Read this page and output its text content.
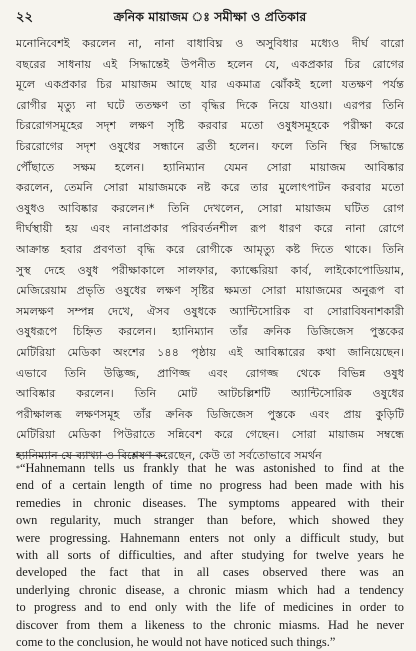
২২	ক্রনিক মায়াজম ঃ সমীক্ষা ও প্রতিকার
মনোনিবেশই করলেন না, নানা বাধাবিঘ্ন ও অসুবিধার মধ্যেও দীর্ঘ বারো
বছরের সাধনায় এই সিদ্ধান্তেই উপনীত হলেন যে, একপ্রকার চির রোগের
মূলে একপ্রকার চির মায়াজম আছে যার একমাত্র ঝোঁকই হলো যতক্ষণ পর্যন্ত
রোগীর মৃত্যু না ঘটে ততক্ষণ তা বৃদ্ধির দিকে নিয়ে যাওয়া। এরপর তিনি
চিররোগসমূহের সদৃশ লক্ষণ সৃষ্টি করবার মতো ওষুধসমূহকে পরীক্ষা করে
চিররোগের সদৃশ ওষুধের সন্ধানে ব্রতী হলেন। ফলে তিনি স্থির সিদ্ধান্তে
পৌঁছাতে সক্ষম হলেন। হ্যানিম্যান যেমন সোরা মায়াজম আবিষ্কার
করলেন, তেমনি সোরা মায়াজমকে নষ্ট করে তার মুলোৎপাটন করবার মতো
ওষুধও আবিষ্কার করলেন।* তিনি দেখলেন, সোরা মায়াজম ঘটিত রোগ
দীর্ঘস্থায়ী হয় এবং নানাপ্রকার পরিবর্তনশীল রূপ ধারণ করে নানা রোগে
আক্রান্ত হবার প্রবণতা বৃদ্ধি করে রোগীকে আমৃত্যু কষ্ট দিতে থাকে। তিনি
সুস্থ দেহে ওষুধ পরীক্ষাকালে সালফার, ক্যাল্কেরিয়া কার্ব, লাইকোপোডিয়াম,
মেজিরেয়াম প্রভৃতি ওষুধের লক্ষণ সৃষ্টির ক্ষমতা সোরা মায়াজমের অনুরূপ বা
সমলক্ষণ সম্পন্ন দেখে, ঐসব ওষুধকে অ্যান্টিসোরিক বা সোরাবিষনাশকারী
ওষুধরূপে চিহ্নিত করলেন। হ্যানিম্যান তাঁর ক্রনিক ডিজিজেস পুস্তকের
মেটিরিয়া মেডিকা অংশের ১৪৪ পৃষ্ঠায় এই আবিষ্কারের কথা জানিয়েছেন।
এভাবে তিনি উদ্ভিজ্জ, প্রাণিজ্জ এবং রোগজ্জ থেকে বিভিন্ন ওষুধ
আবিষ্কার করলেন। তিনি মোট আটচল্লিশটি অ্যান্টিসোরিক ওষুধের
পরীক্ষালব্ধ লক্ষণসমূহ তাঁর ক্রনিক ডিজিজেস পুস্তকে এবং প্রায় কুড়িটি
মেটিরিয়া মেডিকা পিউরাতে সন্নিবেশ করে গেছেন। সোরা মায়াজম সম্বন্ধে
হ্যানিম্যান যে ব্যাখ্যা ও বিশ্লেষণ করেছেন, কেউ তা সর্বতোভাবে সমর্থন
*“Hahnemann tells us frankly that he was astonished to find at the
end of a certain length of time no progress had been made with his
remedies in chronic diseases. The symptoms appeared with their
own regularity, much stranger than before, which showed they
were progressing. Hahnemann enters not only a difficult study, but
with all sorts of difficulties, and after studying for twelve years he
developed the fact that in all cases observed there was an
underlying chronic disease, a chronic miasm which had a tendency
to progress and to end only with the life of medicines in order to
discover from them a likeness to the chronic miasms. Had he never
come to the conclusion, he would not have noticed such things.”
